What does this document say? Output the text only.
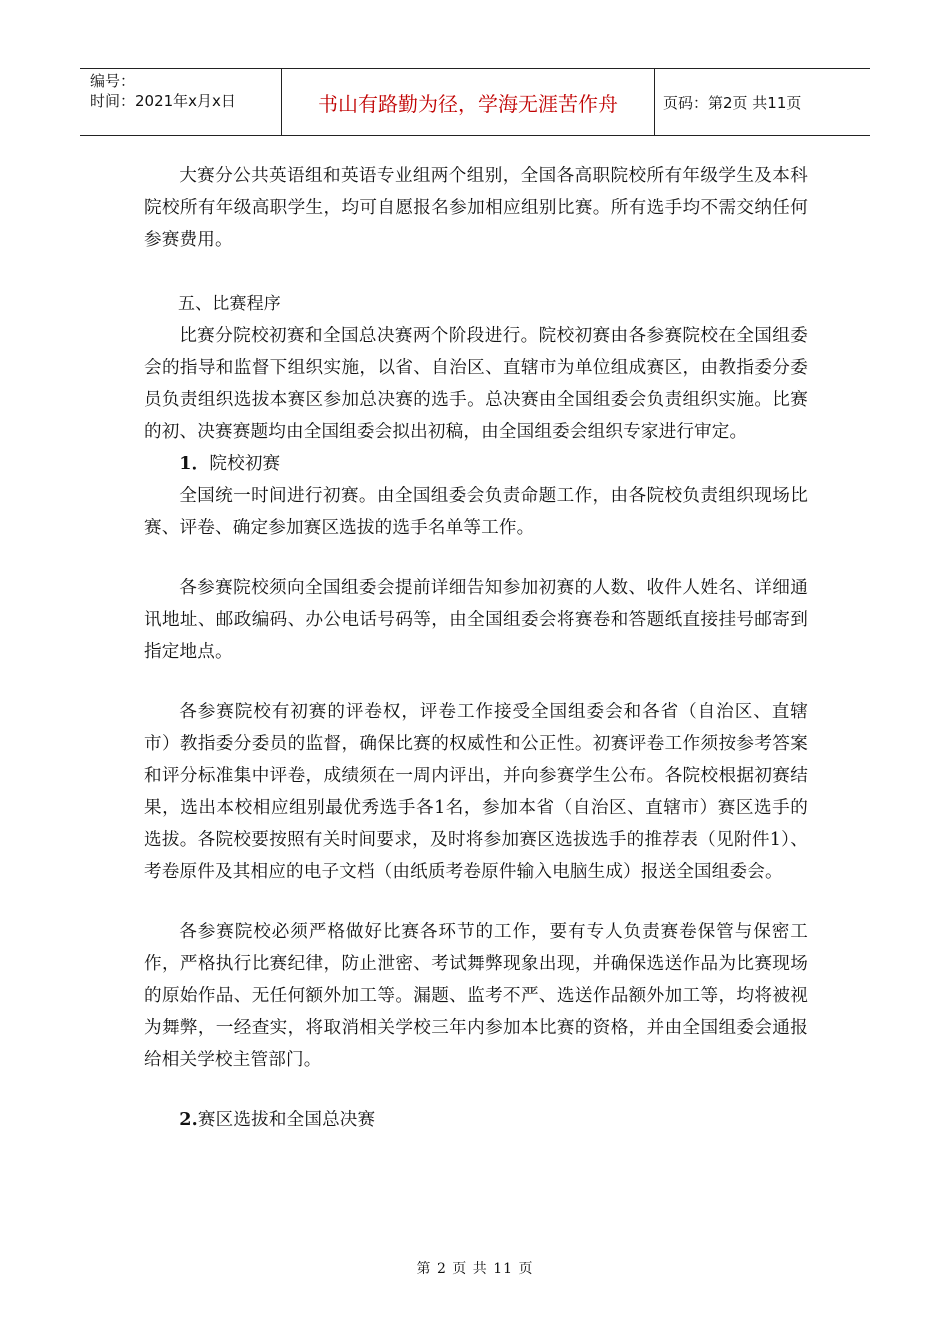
编号：
时间：2021年x月x日	书山有路勤为径，学海无涯苦作舟	页码：第2页 共11页

大赛分公共英语组和英语专业组两个组别，全国各高职院校所有年级学生及本科院校所有年级高职学生，均可自愿报名参加相应组别比赛。所有选手均不需交纳任何参赛费用。

五、比赛程序

比赛分院校初赛和全国总决赛两个阶段进行。院校初赛由各参赛院校在全国组委会的指导和监督下组织实施，以省、自治区、直辖市为单位组成赛区，由教指委分委员负责组织选拔本赛区参加总决赛的选手。总决赛由全国组委会负责组织实施。比赛的初、决赛赛题均由全国组委会拟出初稿，由全国组委会组织专家进行审定。

1．院校初赛

全国统一时间进行初赛。由全国组委会负责命题工作，由各院校负责组织现场比赛、评卷、确定参加赛区选拔的选手名单等工作。

各参赛院校须向全国组委会提前详细告知参加初赛的人数、收件人姓名、详细通讯地址、邮政编码、办公电话号码等，由全国组委会将赛卷和答题纸直接挂号邮寄到指定地点。

各参赛院校有初赛的评卷权，评卷工作接受全国组委会和各省（自治区、直辖市）教指委分委员的监督，确保比赛的权威性和公正性。初赛评卷工作须按参考答案和评分标准集中评卷，成绩须在一周内评出，并向参赛学生公布。各院校根据初赛结果，选出本校相应组别最优秀选手各1名，参加本省（自治区、直辖市）赛区选手的选拔。各院校要按照有关时间要求，及时将参加赛区选拔选手的推荐表（见附件1）、考卷原件及其相应的电子文档（由纸质考卷原件输入电脑生成）报送全国组委会。

各参赛院校必须严格做好比赛各环节的工作，要有专人负责赛卷保管与保密工作，严格执行比赛纪律，防止泄密、考试舞弊现象出现，并确保选送作品为比赛现场的原始作品、无任何额外加工等。漏题、监考不严、选送作品额外加工等，均将被视为舞弊，一经查实，将取消相关学校三年内参加本比赛的资格，并由全国组委会通报给相关学校主管部门。

2.赛区选拔和全国总决赛

第 2 页 共 11 页
